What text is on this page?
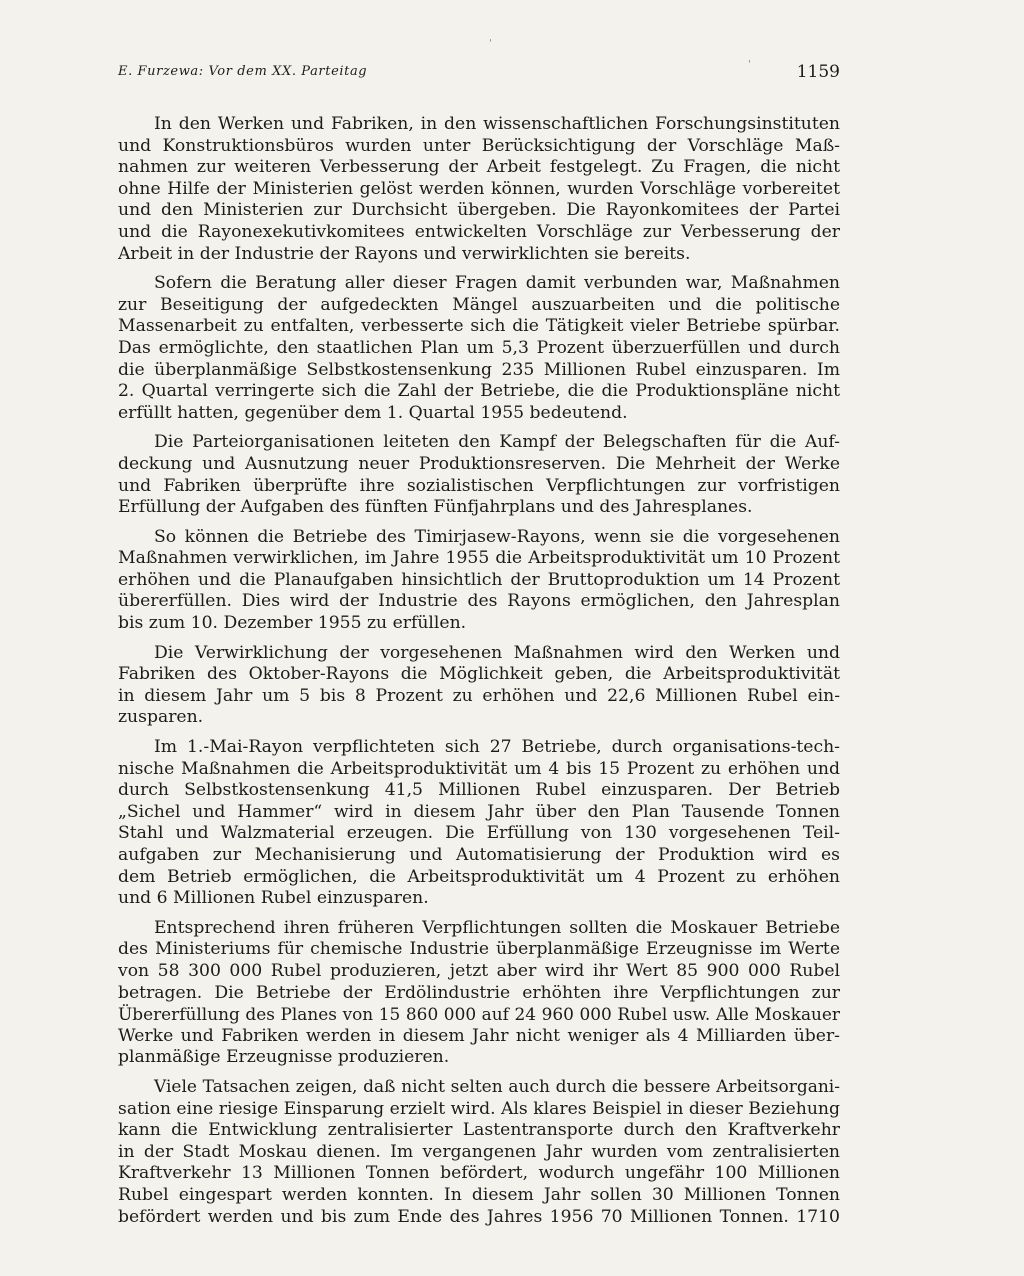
ˈ
ˌ
E. Furzewa: Vor dem XX. Parteitag	1159
In den Werken und Fabriken, in den wissenschaftlichen Forschungsinstituten
und Konstruktionsbüros wurden unter Berücksichtigung der Vorschläge Maß-
nahmen zur weiteren Verbesserung der Arbeit festgelegt. Zu Fragen, die nicht
ohne Hilfe der Ministerien gelöst werden können, wurden Vorschläge vorbereitet
und den Ministerien zur Durchsicht übergeben. Die Rayonkomitees der Partei
und die Rayonexekutivkomitees entwickelten Vorschläge zur Verbesserung der
Arbeit in der Industrie der Rayons und verwirklichten sie bereits.
Sofern die Beratung aller dieser Fragen damit verbunden war, Maßnahmen
zur Beseitigung der aufgedeckten Mängel auszuarbeiten und die politische
Massenarbeit zu entfalten, verbesserte sich die Tätigkeit vieler Betriebe spürbar.
Das ermöglichte, den staatlichen Plan um 5,3 Prozent überzuerfüllen und durch
die überplanmäßige Selbstkostensenkung 235 Millionen Rubel einzusparen. Im
2. Quartal verringerte sich die Zahl der Betriebe, die die Produktionspläne nicht
erfüllt hatten, gegenüber dem 1. Quartal 1955 bedeutend.
Die Parteiorganisationen leiteten den Kampf der Belegschaften für die Auf-
deckung und Ausnutzung neuer Produktionsreserven. Die Mehrheit der Werke
und Fabriken überprüfte ihre sozialistischen Verpflichtungen zur vorfristigen
Erfüllung der Aufgaben des fünften Fünfjahrplans und des Jahresplanes.
So können die Betriebe des Timirjasew-Rayons, wenn sie die vorgesehenen
Maßnahmen verwirklichen, im Jahre 1955 die Arbeitsproduktivität um 10 Prozent
erhöhen und die Planaufgaben hinsichtlich der Bruttoproduktion um 14 Prozent
übererfüllen. Dies wird der Industrie des Rayons ermöglichen, den Jahresplan
bis zum 10. Dezember 1955 zu erfüllen.
Die Verwirklichung der vorgesehenen Maßnahmen wird den Werken und
Fabriken des Oktober-Rayons die Möglichkeit geben, die Arbeitsproduktivität
in diesem Jahr um 5 bis 8 Prozent zu erhöhen und 22,6 Millionen Rubel ein-
zusparen.
Im 1.-Mai-Rayon verpflichteten sich 27 Betriebe, durch organisations-tech-
nische Maßnahmen die Arbeitsproduktivität um 4 bis 15 Prozent zu erhöhen und
durch Selbstkostensenkung 41,5 Millionen Rubel einzusparen. Der Betrieb
„Sichel und Hammer“ wird in diesem Jahr über den Plan Tausende Tonnen
Stahl und Walzmaterial erzeugen. Die Erfüllung von 130 vorgesehenen Teil-
aufgaben zur Mechanisierung und Automatisierung der Produktion wird es
dem Betrieb ermöglichen, die Arbeitsproduktivität um 4 Prozent zu erhöhen
und 6 Millionen Rubel einzusparen.
Entsprechend ihren früheren Verpflichtungen sollten die Moskauer Betriebe
des Ministeriums für chemische Industrie überplanmäßige Erzeugnisse im Werte
von 58 300 000 Rubel produzieren, jetzt aber wird ihr Wert 85 900 000 Rubel
betragen. Die Betriebe der Erdölindustrie erhöhten ihre Verpflichtungen zur
Übererfüllung des Planes von 15 860 000 auf 24 960 000 Rubel usw. Alle Moskauer
Werke und Fabriken werden in diesem Jahr nicht weniger als 4 Milliarden über-
planmäßige Erzeugnisse produzieren.
Viele Tatsachen zeigen, daß nicht selten auch durch die bessere Arbeitsorgani-
sation eine riesige Einsparung erzielt wird. Als klares Beispiel in dieser Beziehung
kann die Entwicklung zentralisierter Lastentransporte durch den Kraftverkehr
in der Stadt Moskau dienen. Im vergangenen Jahr wurden vom zentralisierten
Kraftverkehr 13 Millionen Tonnen befördert, wodurch ungefähr 100 Millionen
Rubel eingespart werden konnten. In diesem Jahr sollen 30 Millionen Tonnen
befördert werden und bis zum Ende des Jahres 1956 70 Millionen Tonnen. 1710
